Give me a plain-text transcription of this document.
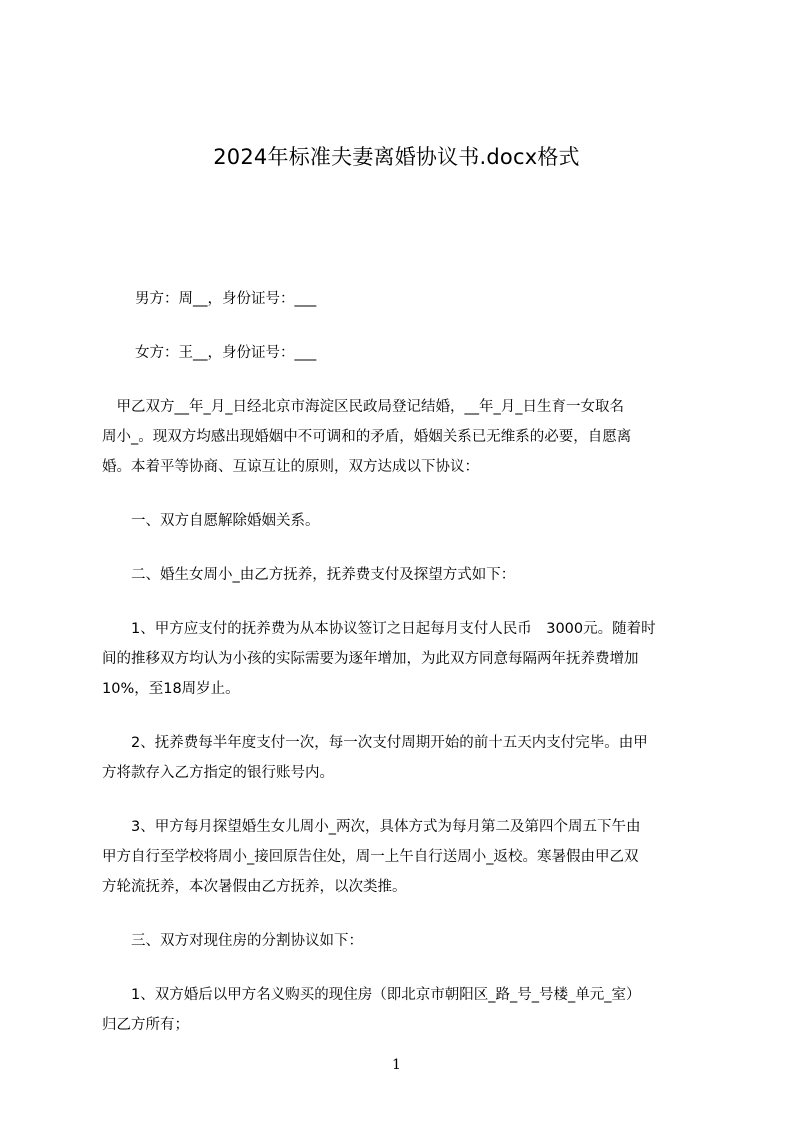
2024年标准夫妻离婚协议书.docx格式

男方：周__，身份证号：___

女方：王__，身份证号：___

　甲乙双方__年_月_日经北京市海淀区民政局登记结婚，__年_月_日生育一女取名
周小_。现双方均感出现婚姻中不可调和的矛盾，婚姻关系已无维系的必要，自愿离
婚。本着平等协商、互谅互让的原则，双方达成以下协议：

　　一、双方自愿解除婚姻关系。

　　二、婚生女周小_由乙方抚养，抚养费支付及探望方式如下：

　　1、甲方应支付的抚养费为从本协议签订之日起每月支付人民币　3000元。随着时
间的推移双方均认为小孩的实际需要为逐年增加，为此双方同意每隔两年抚养费增加
10%，至18周岁止。

　　2、抚养费每半年度支付一次，每一次支付周期开始的前十五天内支付完毕。由甲
方将款存入乙方指定的银行账号内。

　　3、甲方每月探望婚生女儿周小_两次，具体方式为每月第二及第四个周五下午由
甲方自行至学校将周小_接回原告住处，周一上午自行送周小_返校。寒暑假由甲乙双
方轮流抚养，本次暑假由乙方抚养，以次类推。

　　三、双方对现住房的分割协议如下：

　　1、双方婚后以甲方名义购买的现住房（即北京市朝阳区_路_号_号楼_单元_室）
归乙方所有；

1
